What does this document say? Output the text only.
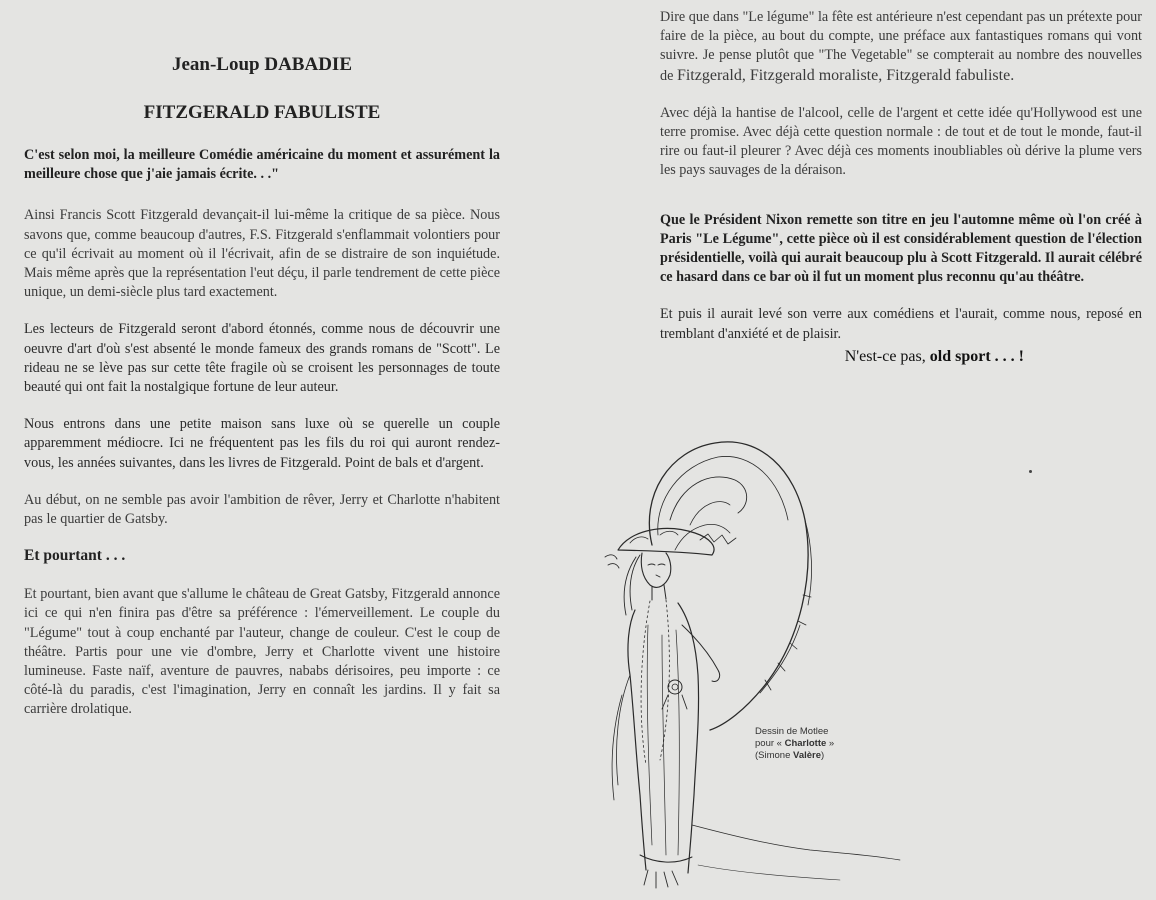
Jean-Loup DABADIE
FITZGERALD FABULISTE

C'est selon moi, la meilleure Comédie américaine du moment et assurément la meilleure chose que j'aie jamais écrite. . ."

Ainsi Francis Scott Fitzgerald devançait-il lui-même la critique de sa pièce. Nous savons que, comme beaucoup d'autres, F.S. Fitzgerald s'enflammait volontiers pour ce qu'il écrivait au moment où il l'écrivait, afin de se distraire de son inquiétude. Mais même après que la représentation l'eut déçu, il parle tendrement de cette pièce unique, un demi-siècle plus tard exactement.

Les lecteurs de Fitzgerald seront d'abord étonnés, comme nous de découvrir une oeuvre d'art d'où s'est absenté le monde fameux des grands romans de "Scott". Le rideau ne se lève pas sur cette tête fragile où se croisent les personnages de toute beauté qui ont fait la nostalgique fortune de leur auteur.

Nous entrons dans une petite maison sans luxe où se querelle un couple apparemment médiocre. Ici ne fréquentent pas les fils du roi qui auront rendez-vous, les années suivantes, dans les livres de Fitzgerald. Point de bals et d'argent.

Au début, on ne semble pas avoir l'ambition de rêver, Jerry et Charlotte n'habitent pas le quartier de Gatsby.

Et pourtant . . .

Et pourtant, bien avant que s'allume le château de Great Gatsby, Fitzgerald annonce ici ce qui n'en finira pas d'être sa préférence : l'émerveillement. Le couple du "Légume" tout à coup enchanté par l'auteur, change de couleur. C'est le coup de théâtre. Partis pour une vie d'ombre, Jerry et Charlotte vivent une histoire lumineuse. Faste naïf, aventure de pauvres, nababs dérisoires, peu importe : ce côté-là du paradis, c'est l'imagination, Jerry en connaît les jardins. Il y fait sa carrière drolatique.

Dire que dans "Le légume" la fête est antérieure n'est cependant pas un prétexte pour faire de la pièce, au bout du compte, une préface aux fantastiques romans qui vont suivre. Je pense plutôt que "The Vegetable" se compterait au nombre des nouvelles de Fitzgerald, Fitzgerald moraliste, Fitzgerald fabuliste.

Avec déjà la hantise de l'alcool, celle de l'argent et cette idée qu'Hollywood est une terre promise. Avec déjà cette question normale : de tout et de tout le monde, faut-il rire ou faut-il pleurer ? Avec déjà ces moments inoubliables où dérive la plume vers les pays sauvages de la déraison.

Que le Président Nixon remette son titre en jeu l'automne même où l'on créé à Paris "Le Légume", cette pièce où il est considérablement question de l'élection présidentielle, voilà qui aurait beaucoup plu à Scott Fitzgerald. Il aurait célébré ce hasard dans ce bar où il fut un moment plus reconnu qu'au théâtre.

Et puis il aurait levé son verre aux comédiens et l'aurait, comme nous, reposé en tremblant d'anxiété et de plaisir.

N'est-ce pas, old sport . . . !
Dessin de Motlee
pour « Charlotte »
(Simone Valère)
